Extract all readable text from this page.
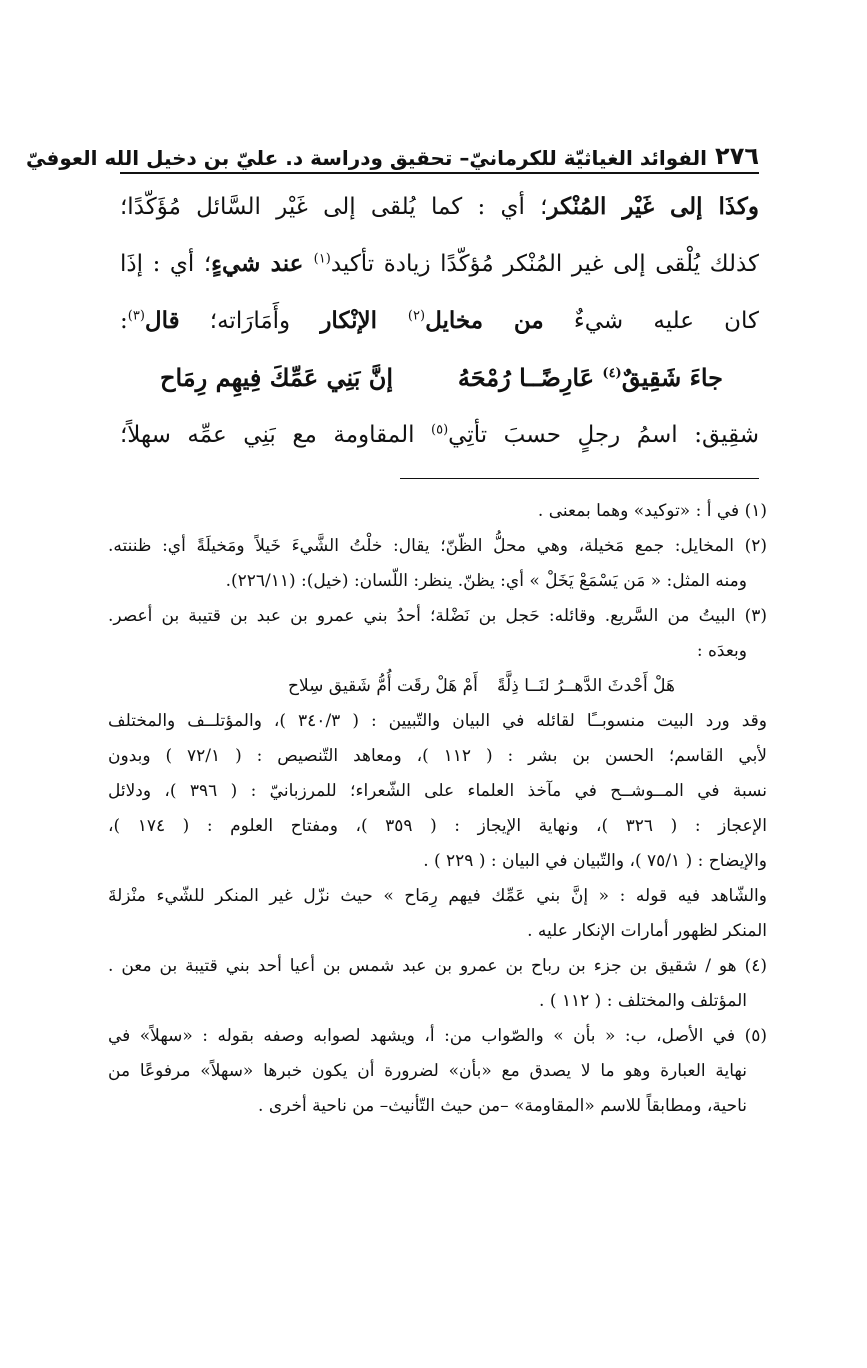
٢٧٦
الفوائد الغياثيّة للكرمانيّ– تحقيق ودراسة د. عليّ بن دخيل الله العوفيّ
وكذَا إلى غَيْر المُنْكر؛ أي : كما يُلقى إلى غَيْر السَّائل مُؤَكّدًا؛
كذلك يُلْقى إلى غير المُنْكر مُؤكّدًا زيادة تأكيد$^{(١)}$ عند شيءٍ؛ أي : إذَا
كان عليه شيءٌ من مخايل$^{(٢)}$ الإنْكار وأَمَارَاته؛ قال$^{(٣)}$:
جاءَ شَقِيقٌ$^{(٤)}$ عَارِضًــا رُمْحَهُ
إنَّ بَنِي عَمِّكَ فِيهِم رِمَاح
شقِيق: اسمُ رجلٍ حسبَ تأتِي$^{(٥)}$ المقاومة مع بَنِي عمِّه سهلاً؛
(١) في أ : «توكيد» وهما بمعنى .
(٢) المخايل: جمع مَخيلة، وهي محلُّ الظّنّ؛ يقال: خلْتُ الشَّيءَ خَيلاً ومَخيلَةً أي: ظننته.
ومنه المثل: « مَن يَسْمَعْ يَخَلْ » أي: يظنّ. ينظر: اللّسان: (خيل): (٢٢٦/١١).
(٣) البيتُ من السَّريع. وقائله: حَجل بن نَضْلة؛ أحدُ بني عمرو بن عبد بن قتيبة بن أعصر.
وبعدَه :
هَلْ أَحْدثَ الدَّهــرُ لنَــا ذِلَّةً
أَمْ هَلْ رقَت أُمُّ شَقيق سِلاح
وقد ورد البيت منسوبــًا لقائله في البيان والتّبيين : ( ٣٤٠/٣ )، والمؤتلــف والمختلف
لأبي القاسم؛ الحسن بن بشر : ( ١١٢ )، ومعاهد التّنصيص : ( ٧٢/١ ) وبدون
نسبة في المــوشــح في مآخذ العلماء على الشّعراء؛ للمرزبانيّ : ( ٣٩٦ )، ودلائل
الإعجاز : ( ٣٢٦ )، ونهاية الإيجاز : ( ٣٥٩ )، ومفتاح العلوم : ( ١٧٤ )،
والإيضاح : ( ٧٥/١ )، والتّبيان في البيان : ( ٢٢٩ ) .
والشّاهد فيه قوله : « إنَّ بني عَمِّك فيهم رِمَاح » حيث نزّل غير المنكر للشّيء منْزلةَ
المنكر لظهور أمارات الإنكار عليه .
(٤) هو / شقيق بن جزء بن رباح بن عمرو بن عبد شمس بن أعيا أحد بني قتيبة بن معن .
المؤتلف والمختلف : ( ١١٢ ) .
(٥) في الأصل، ب: « بأن » والصّواب من: أ، ويشهد لصوابه وصفه بقوله : «سهلاً» في
نهاية العبارة وهو ما لا يصدق مع «بأن» لضرورة أن يكون خبرها «سهلاً» مرفوعًا من
ناحية، ومطابقاً للاسم «المقاومة» –من حيث التّأنيث– من ناحية أخرى .
